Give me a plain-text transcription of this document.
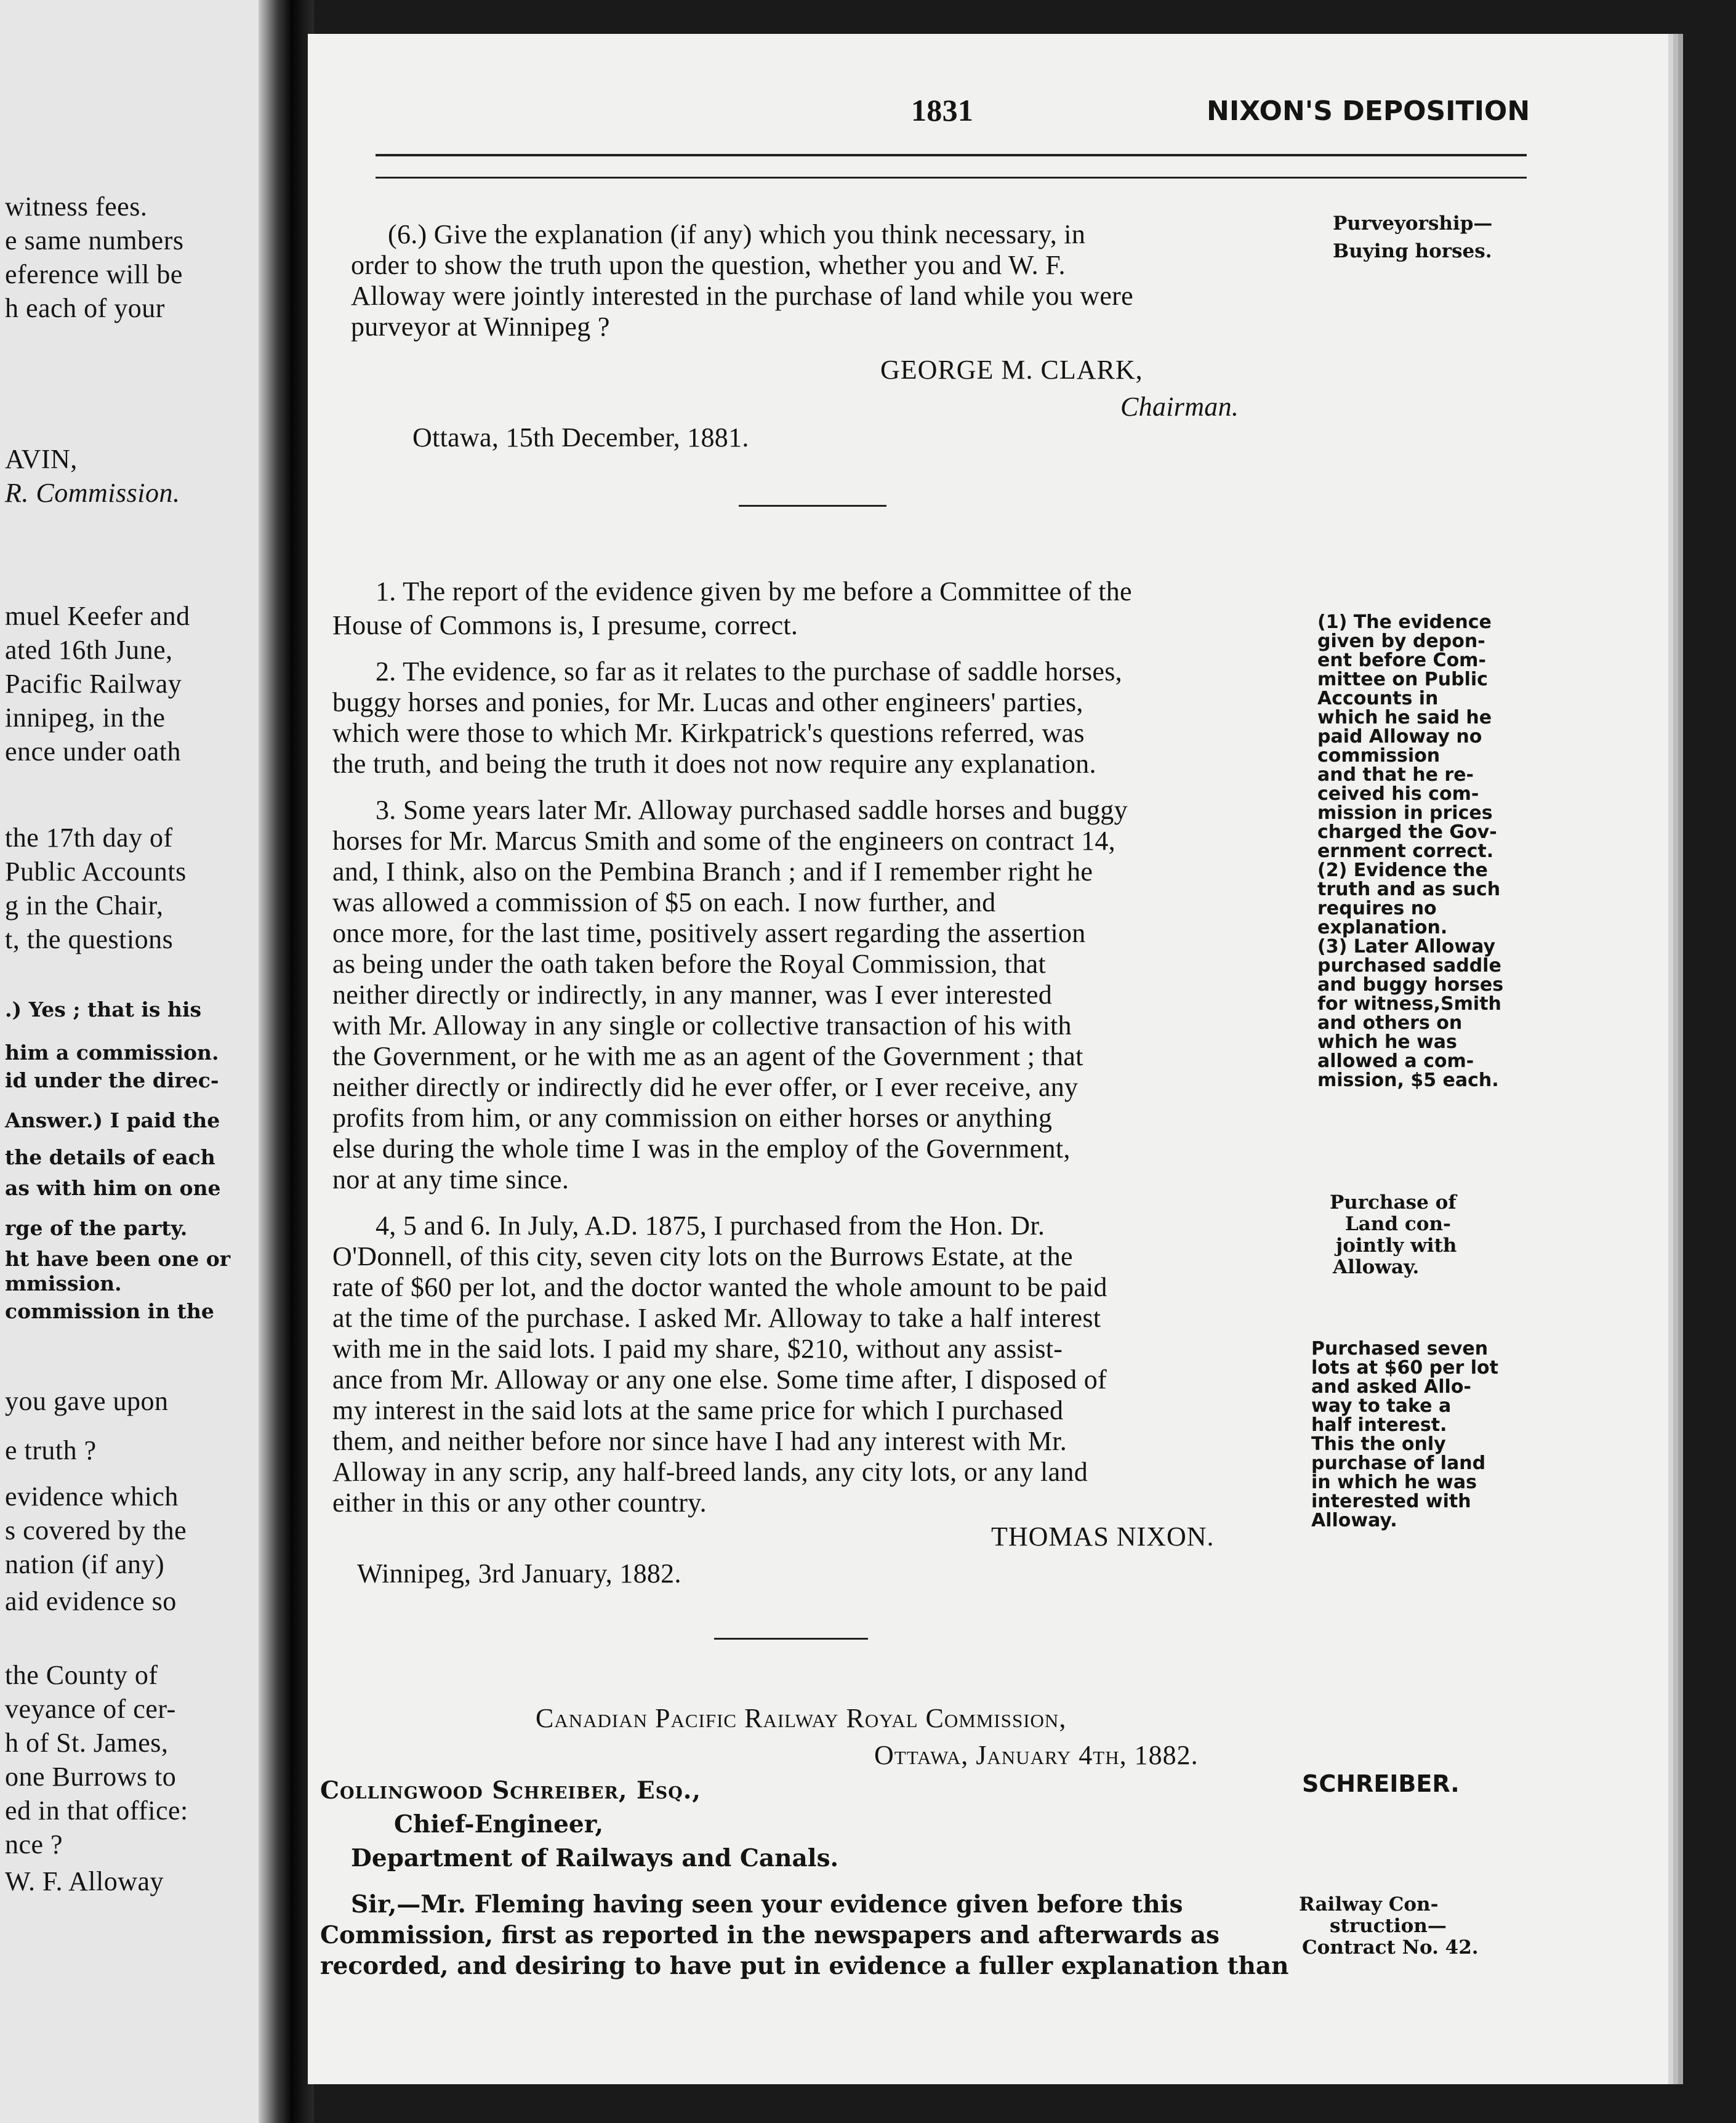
witness fees.
e same numbers
eference will be
h each of your
AVIN,
R. Commission.
muel Keefer and
ated 16th June,
Pacific Railway
innipeg, in the
ence under oath
the 17th day of
Public Accounts
g in the Chair,
t, the questions
.) Yes ; that is his
him a commission.
id under the direc-
Answer.) I paid the
the details of each
as with him on one
rge of the party.
ht have been one or
mmission.
commission in the
you gave upon
e truth ?
evidence which
s covered by the
nation (if any)
aid evidence so
the County of
veyance of cer-
h of St. James,
one Burrows to
ed in that office:
nce ?
W. F. Alloway
1831	NIXON'S DEPOSITION
(6.) Give the explanation (if any) which you think necessary, in
order to show the truth upon the question, whether you and W. F.
Alloway were jointly interested in the purchase of land while you were
purveyor at Winnipeg ?
GEORGE M. CLARK,
Chairman.
Ottawa, 15th December, 1881.
1. The report of the evidence given by me before a Committee of the
House of Commons is, I presume, correct.
2. The evidence, so far as it relates to the purchase of saddle horses,
buggy horses and ponies, for Mr. Lucas and other engineers' parties,
which were those to which Mr. Kirkpatrick's questions referred, was
the truth, and being the truth it does not now require any explanation.
3. Some years later Mr. Alloway purchased saddle horses and buggy
horses for Mr. Marcus Smith and some of the engineers on contract 14,
and, I think, also on the Pembina Branch ; and if I remember right he
was allowed a commission of $5 on each. I now further, and
once more, for the last time, positively assert regarding the assertion
as being under the oath taken before the Royal Commission, that
neither directly or indirectly, in any manner, was I ever interested
with Mr. Alloway in any single or collective transaction of his with
the Government, or he with me as an agent of the Government ; that
neither directly or indirectly did he ever offer, or I ever receive, any
profits from him, or any commission on either horses or anything
else during the whole time I was in the employ of the Government,
nor at any time since.
4, 5 and 6. In July, A.D. 1875, I purchased from the Hon. Dr.
O'Donnell, of this city, seven city lots on the Burrows Estate, at the
rate of $60 per lot, and the doctor wanted the whole amount to be paid
at the time of the purchase. I asked Mr. Alloway to take a half interest
with me in the said lots. I paid my share, $210, without any assist-
ance from Mr. Alloway or any one else. Some time after, I disposed of
my interest in the said lots at the same price for which I purchased
them, and neither before nor since have I had any interest with Mr.
Alloway in any scrip, any half-breed lands, any city lots, or any land
either in this or any other country.
THOMAS NIXON.
Winnipeg, 3rd January, 1882.
Canadian Pacific Railway Royal Commission,
Ottawa, January 4th, 1882.
Collingwood Schreiber, Esq.,
Chief-Engineer,
Department of Railways and Canals.
Sir,—Mr. Fleming having seen your evidence given before this
Commission, first as reported in the newspapers and afterwards as
recorded, and desiring to have put in evidence a fuller explanation than
Purveyorship—
Buying horses.
(1) The evidence
given by depon-
ent before Com-
mittee on Public
Accounts in
which he said he
paid Alloway no
commission
and that he re-
ceived his com-
mission in prices
charged the Gov-
ernment correct.
(2) Evidence the
truth and as such
requires no
explanation.
(3) Later Alloway
purchased saddle
and buggy horses
for witness,Smith
and others on
which he was
allowed a com-
mission, $5 each.
Purchase of
Land con-
jointly with
Alloway.
Purchased seven
lots at $60 per lot
and asked Allo-
way to take a
half interest.
This the only
purchase of land
in which he was
interested with
Alloway.
SCHREIBER.
Railway Con-
struction—
Contract No. 42.
